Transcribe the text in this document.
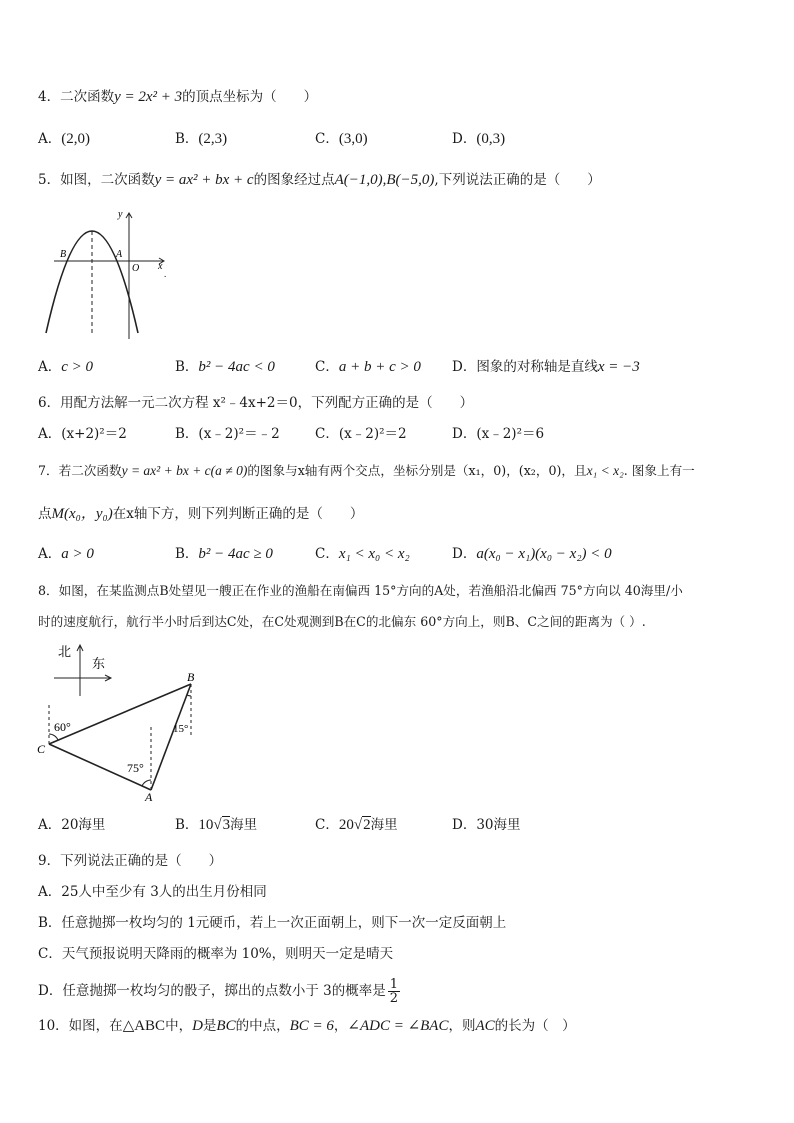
4．二次函数y = 2x² + 3的顶点坐标为（　　）
A．(2,0)	B．(2,3)	C．(3,0)	D．(0,3)
5．如图，二次函数y = ax² + bx + c的图象经过点A(−1,0),B(−5,0),下列说法正确的是（　　）
y
x
.
B	A
O
A．c > 0	B．b² − 4ac < 0	C．a + b + c > 0 D．图象的对称轴是直线x = −3
6．用配方法解一元二次方程 x²﹣4x+2＝0，下列配方正确的是（　　）
A．(x+2)²＝2	B．(x﹣2)²＝﹣2	C．(x﹣2)²＝2	D．(x﹣2)²＝6
7．若二次函数y = ax² + bx + c(a ≠ 0)的图象与x轴有两个交点，坐标分别是（x₁，0)，(x₂，0)，且x₁ < x₂. 图象上有一
点M(x₀，y₀)在x轴下方，则下列判断正确的是（　　）
A．a > 0	B．b² − 4ac ≥ 0	C．x₁ < x₀ < x₂	D．a(x₀ − x₁)(x₀ − x₂) < 0
8．如图，在某监测点B处望见一艘正在作业的渔船在南偏西 15°方向的A处，若渔船沿北偏西 75°方向以 40海里/小
时的速度航行，航行半小时后到达C处，在C处观测到B在C的北偏东 60°方向上，则B、C之间的距离为（ ）.
北
东
B
C
A
60°
75°
15°
A．20海里	B．10√3海里	C．20√2海里	D．30海里
9．下列说法正确的是（　　）
A．25人中至少有 3人的出生月份相同
B．任意抛掷一枚均匀的 1元硬币，若上一次正面朝上，则下一次一定反面朝上
C．天气预报说明天降雨的概率为 10%，则明天一定是晴天
D．任意抛掷一枚均匀的骰子，掷出的点数小于 3的概率是 $\frac{1}{2}$
10．如图，在△ABC中，D是BC的中点，BC = 6，∠ADC = ∠BAC，则AC的长为（　）
